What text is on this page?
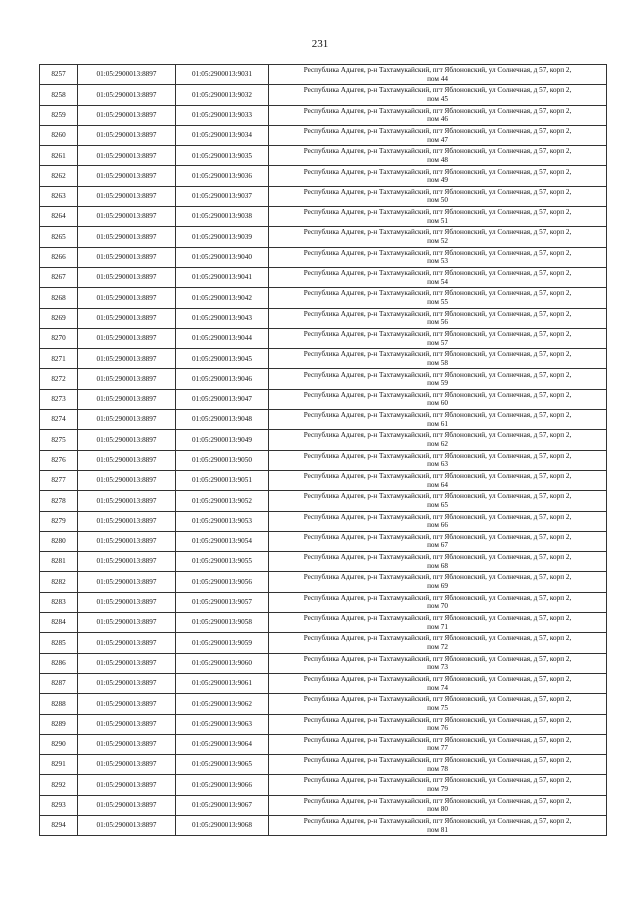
231
8257	01:05:2900013:8897	01:05:2900013:9031	Республика Адыгея, р-н Тахтамукайский, пгт Яблоновский, ул Солнечная, д 57, корп 2,
пом 44

8258	01:05:2900013:8897	01:05:2900013:9032	Республика Адыгея, р-н Тахтамукайский, пгт Яблоновский, ул Солнечная, д 57, корп 2,
пом 45

8259	01:05:2900013:8897	01:05:2900013:9033	Республика Адыгея, р-н Тахтамукайский, пгт Яблоновский, ул Солнечная, д 57, корп 2,
пом 46

8260	01:05:2900013:8897	01:05:2900013:9034	Республика Адыгея, р-н Тахтамукайский, пгт Яблоновский, ул Солнечная, д 57, корп 2,
пом 47

8261	01:05:2900013:8897	01:05:2900013:9035	Республика Адыгея, р-н Тахтамукайский, пгт Яблоновский, ул Солнечная, д 57, корп 2,
пом 48

8262	01:05:2900013:8897	01:05:2900013:9036	Республика Адыгея, р-н Тахтамукайский, пгт Яблоновский, ул Солнечная, д 57, корп 2,
пом 49

8263	01:05:2900013:8897	01:05:2900013:9037	Республика Адыгея, р-н Тахтамукайский, пгт Яблоновский, ул Солнечная, д 57, корп 2,
пом 50

8264	01:05:2900013:8897	01:05:2900013:9038	Республика Адыгея, р-н Тахтамукайский, пгт Яблоновский, ул Солнечная, д 57, корп 2,
пом 51

8265	01:05:2900013:8897	01:05:2900013:9039	Республика Адыгея, р-н Тахтамукайский, пгт Яблоновский, ул Солнечная, д 57, корп 2,
пом 52

8266	01:05:2900013:8897	01:05:2900013:9040	Республика Адыгея, р-н Тахтамукайский, пгт Яблоновский, ул Солнечная, д 57, корп 2,
пом 53

8267	01:05:2900013:8897	01:05:2900013:9041	Республика Адыгея, р-н Тахтамукайский, пгт Яблоновский, ул Солнечная, д 57, корп 2,
пом 54

8268	01:05:2900013:8897	01:05:2900013:9042	Республика Адыгея, р-н Тахтамукайский, пгт Яблоновский, ул Солнечная, д 57, корп 2,
пом 55

8269	01:05:2900013:8897	01:05:2900013:9043	Республика Адыгея, р-н Тахтамукайский, пгт Яблоновский, ул Солнечная, д 57, корп 2,
пом 56

8270	01:05:2900013:8897	01:05:2900013:9044	Республика Адыгея, р-н Тахтамукайский, пгт Яблоновский, ул Солнечная, д 57, корп 2,
пом 57

8271	01:05:2900013:8897	01:05:2900013:9045	Республика Адыгея, р-н Тахтамукайский, пгт Яблоновский, ул Солнечная, д 57, корп 2,
пом 58

8272	01:05:2900013:8897	01:05:2900013:9046	Республика Адыгея, р-н Тахтамукайский, пгт Яблоновский, ул Солнечная, д 57, корп 2,
пом 59

8273	01:05:2900013:8897	01:05:2900013:9047	Республика Адыгея, р-н Тахтамукайский, пгт Яблоновский, ул Солнечная, д 57, корп 2,
пом 60

8274	01:05:2900013:8897	01:05:2900013:9048	Республика Адыгея, р-н Тахтамукайский, пгт Яблоновский, ул Солнечная, д 57, корп 2,
пом 61

8275	01:05:2900013:8897	01:05:2900013:9049	Республика Адыгея, р-н Тахтамукайский, пгт Яблоновский, ул Солнечная, д 57, корп 2,
пом 62

8276	01:05:2900013:8897	01:05:2900013:9050	Республика Адыгея, р-н Тахтамукайский, пгт Яблоновский, ул Солнечная, д 57, корп 2,
пом 63

8277	01:05:2900013:8897	01:05:2900013:9051	Республика Адыгея, р-н Тахтамукайский, пгт Яблоновский, ул Солнечная, д 57, корп 2,
пом 64

8278	01:05:2900013:8897	01:05:2900013:9052	Республика Адыгея, р-н Тахтамукайский, пгт Яблоновский, ул Солнечная, д 57, корп 2,
пом 65

8279	01:05:2900013:8897	01:05:2900013:9053	Республика Адыгея, р-н Тахтамукайский, пгт Яблоновский, ул Солнечная, д 57, корп 2,
пом 66

8280	01:05:2900013:8897	01:05:2900013:9054	Республика Адыгея, р-н Тахтамукайский, пгт Яблоновский, ул Солнечная, д 57, корп 2,
пом 67

8281	01:05:2900013:8897	01:05:2900013:9055	Республика Адыгея, р-н Тахтамукайский, пгт Яблоновский, ул Солнечная, д 57, корп 2,
пом 68

8282	01:05:2900013:8897	01:05:2900013:9056	Республика Адыгея, р-н Тахтамукайский, пгт Яблоновский, ул Солнечная, д 57, корп 2,
пом 69

8283	01:05:2900013:8897	01:05:2900013:9057	Республика Адыгея, р-н Тахтамукайский, пгт Яблоновский, ул Солнечная, д 57, корп 2,
пом 70

8284	01:05:2900013:8897	01:05:2900013:9058	Республика Адыгея, р-н Тахтамукайский, пгт Яблоновский, ул Солнечная, д 57, корп 2,
пом 71

8285	01:05:2900013:8897	01:05:2900013:9059	Республика Адыгея, р-н Тахтамукайский, пгт Яблоновский, ул Солнечная, д 57, корп 2,
пом 72

8286	01:05:2900013:8897	01:05:2900013:9060	Республика Адыгея, р-н Тахтамукайский, пгт Яблоновский, ул Солнечная, д 57, корп 2,
пом 73

8287	01:05:2900013:8897	01:05:2900013:9061	Республика Адыгея, р-н Тахтамукайский, пгт Яблоновский, ул Солнечная, д 57, корп 2,
пом 74

8288	01:05:2900013:8897	01:05:2900013:9062	Республика Адыгея, р-н Тахтамукайский, пгт Яблоновский, ул Солнечная, д 57, корп 2,
пом 75

8289	01:05:2900013:8897	01:05:2900013:9063	Республика Адыгея, р-н Тахтамукайский, пгт Яблоновский, ул Солнечная, д 57, корп 2,
пом 76

8290	01:05:2900013:8897	01:05:2900013:9064	Республика Адыгея, р-н Тахтамукайский, пгт Яблоновский, ул Солнечная, д 57, корп 2,
пом 77

8291	01:05:2900013:8897	01:05:2900013:9065	Республика Адыгея, р-н Тахтамукайский, пгт Яблоновский, ул Солнечная, д 57, корп 2,
пом 78

8292	01:05:2900013:8897	01:05:2900013:9066	Республика Адыгея, р-н Тахтамукайский, пгт Яблоновский, ул Солнечная, д 57, корп 2,
пом 79

8293	01:05:2900013:8897	01:05:2900013:9067	Республика Адыгея, р-н Тахтамукайский, пгт Яблоновский, ул Солнечная, д 57, корп 2,
пом 80

8294	01:05:2900013:8897	01:05:2900013:9068	Республика Адыгея, р-н Тахтамукайский, пгт Яблоновский, ул Солнечная, д 57, корп 2,
пом 81
